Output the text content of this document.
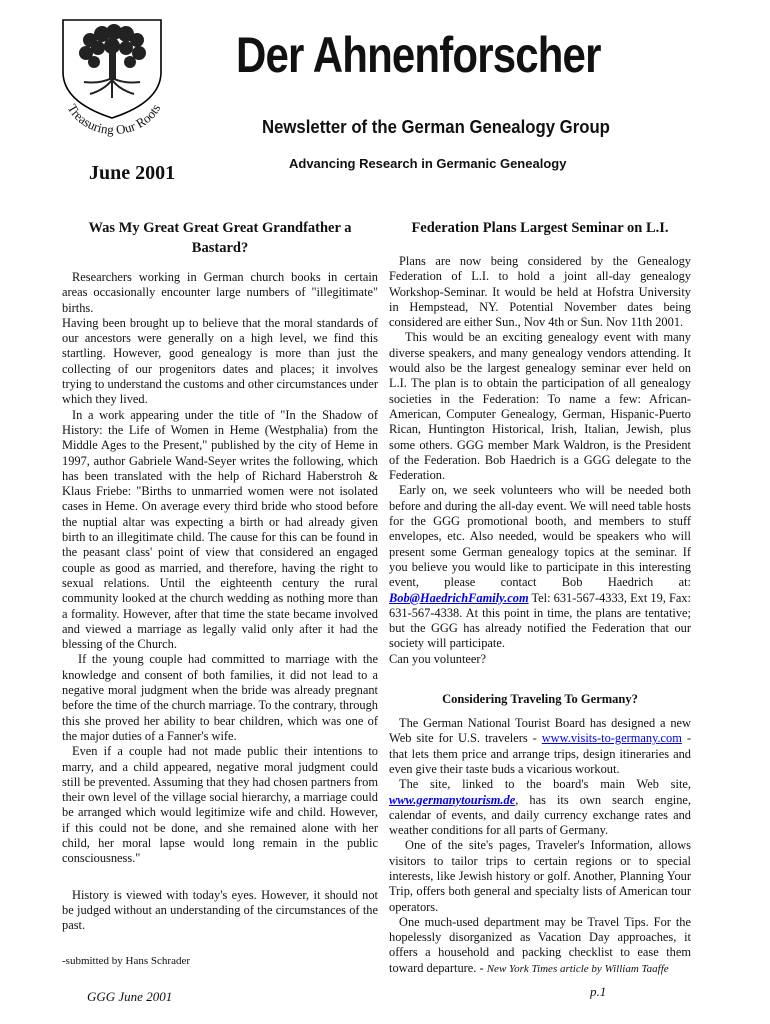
Treasuring Our Roots
Der Ahnenforscher
Newsletter of the German Genealogy Group
Advancing Research in Germanic Genealogy
June 2001
Was My Great Great Great Grandfather a Bastard?

Researchers working in German church books in certain areas occasionally encounter large numbers of "illegitimate" births.

Having been brought up to believe that the moral standards of our ancestors were generally on a high level, we find this startling. However, good genealogy is more than just the collecting of our progenitors dates and places; it involves trying to understand the customs and other circumstances under which they lived.

In a work appearing under the title of "In the Shadow of History: the Life of Women in Heme (Westphalia) from the Middle Ages to the Present," published by the city of Heme in 1997, author Gabriele Wand-Seyer writes the following, which has been translated with the help of Richard Haberstroh & Klaus Friebe: "Births to unmarried women were not isolated cases in Heme. On average every third bride who stood before the nuptial altar was expecting a birth or had already given birth to an illegitimate child. The cause for this can be found in the peasant class' point of view that considered an engaged couple as good as married, and therefore, having the right to sexual relations. Until the eighteenth century the rural community looked at the church wedding as nothing more than a formality. However, after that time the state became involved and viewed a marriage as legally valid only after it had the blessing of the Church.

If the young couple had committed to marriage with the knowledge and consent of both families, it did not lead to a negative moral judgment when the bride was already pregnant before the time of the church marriage. To the contrary, through this she proved her ability to bear children, which was one of the major duties of a Fanner's wife.

Even if a couple had not made public their intentions to marry, and a child appeared, negative moral judgment could still be prevented. Assuming that they had chosen partners from their own level of the village social hierarchy, a marriage could be arranged which would legitimize wife and child. However, if this could not be done, and she remained alone with her child, her moral lapse would long remain in the public consciousness."

History is viewed with today's eyes. However, it should not be judged without an understanding of the circumstances of the past.

-submitted by Hans Schrader

Federation Plans Largest Seminar on L.I.

Plans are now being considered by the Genealogy Federation of L.I. to hold a joint all-day genealogy Workshop-Seminar. It would be held at Hofstra University in Hempstead, NY. Potential November dates being considered are either Sun., Nov 4th or Sun. Nov 11th 2001.

This would be an exciting genealogy event with many diverse speakers, and many genealogy vendors attending. It would also be the largest genealogy seminar ever held on L.I. The plan is to obtain the participation of all genealogy societies in the Federation: To name a few: African-American, Computer Genealogy, German, Hispanic-Puerto Rican, Huntington Historical, Irish, Italian, Jewish, plus some others. GGG member Mark Waldron, is the President of the Federation. Bob Haedrich is a GGG delegate to the Federation.

Early on, we seek volunteers who will be needed both before and during the all-day event. We will need table hosts for the GGG promotional booth, and members to stuff envelopes, etc. Also needed, would be speakers who will present some German genealogy topics at the seminar. If you believe you would like to participate in this interesting event, please contact Bob Haedrich at: Bob@HaedrichFamily.com Tel: 631-567-4333, Ext 19, Fax: 631-567-4338. At this point in time, the plans are tentative; but the GGG has already notified the Federation that our society will participate.

Can you volunteer?

Considering Traveling To Germany?

The German National Tourist Board has designed a new Web site for U.S. travelers - www.visits-to-germany.com - that lets them price and arrange trips, design itineraries and even give their taste buds a vicarious workout.

The site, linked to the board's main Web site, www.germanytourism.de, has its own search engine, calendar of events, and daily currency exchange rates and weather conditions for all parts of Germany.

One of the site's pages, Traveler's Information, allows visitors to tailor trips to certain regions or to special interests, like Jewish history or golf. Another, Planning Your Trip, offers both general and specialty lists of American tour operators.

One much-used department may be Travel Tips. For the hopelessly disorganized as Vacation Day approaches, it offers a household and packing checklist to ease them toward departure. - New York Times article by William Taaffe

GGG June 2001	p.1
